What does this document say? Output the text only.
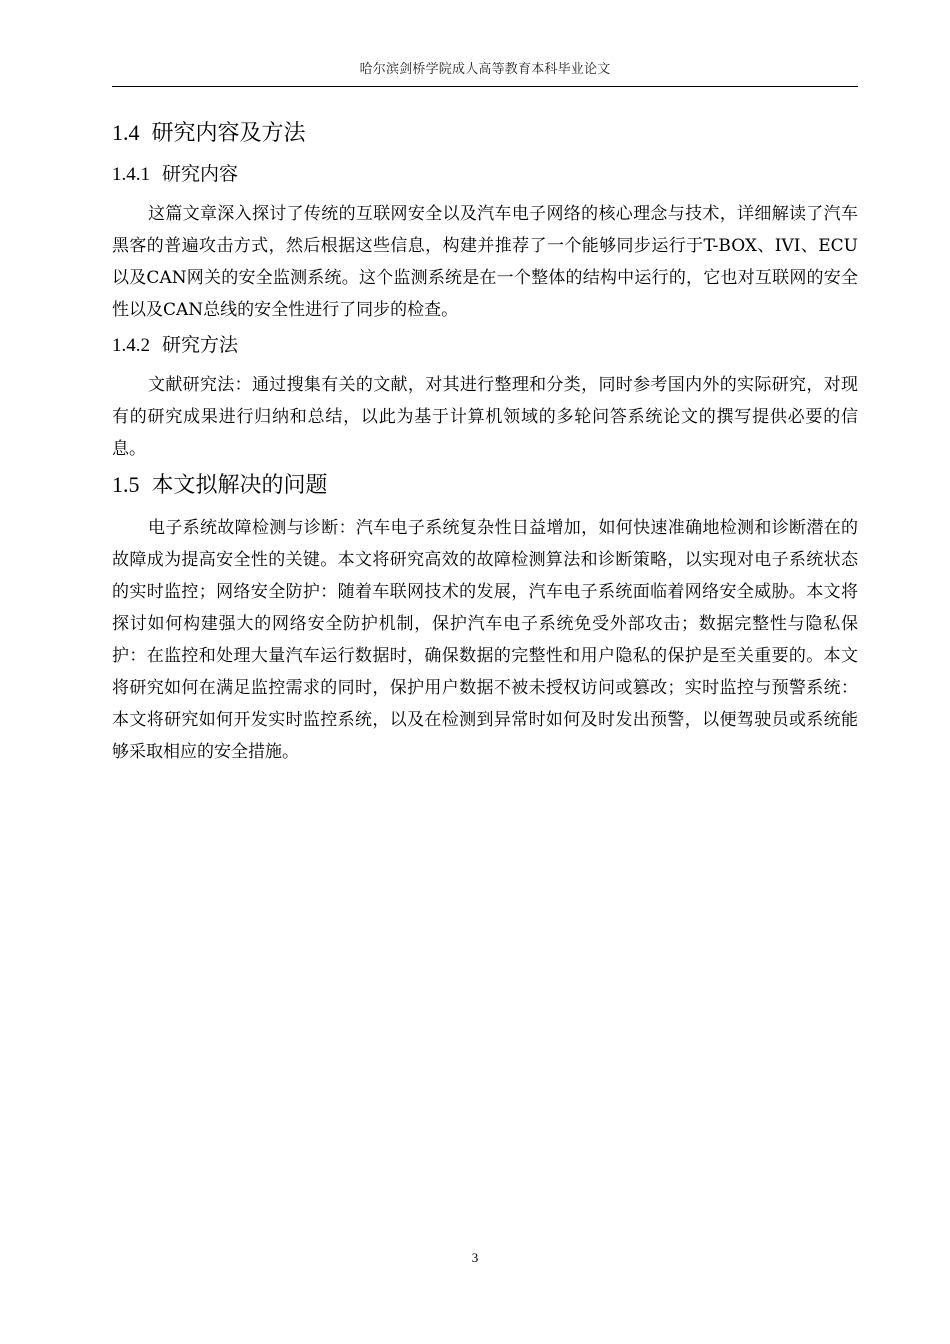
哈尔滨剑桥学院成人高等教育本科毕业论文
1.4 研究内容及方法
1.4.1 研究内容

这篇文章深入探讨了传统的互联网安全以及汽车电子网络的核心理念与技术，详细解读了汽车黑客的普遍攻击方式，然后根据这些信息，构建并推荐了一个能够同步运行于T-BOX、IVI、ECU以及CAN网关的安全监测系统。这个监测系统是在一个整体的结构中运行的，它也对互联网的安全性以及CAN总线的安全性进行了同步的检查。

1.4.2 研究方法

文献研究法：通过搜集有关的文献，对其进行整理和分类，同时参考国内外的实际研究，对现有的研究成果进行归纳和总结，以此为基于计算机领域的多轮问答系统论文的撰写提供必要的信息。

1.5 本文拟解决的问题

电子系统故障检测与诊断：汽车电子系统复杂性日益增加，如何快速准确地检测和诊断潜在的故障成为提高安全性的关键。本文将研究高效的故障检测算法和诊断策略，以实现对电子系统状态的实时监控；网络安全防护：随着车联网技术的发展，汽车电子系统面临着网络安全威胁。本文将探讨如何构建强大的网络安全防护机制，保护汽车电子系统免受外部攻击；数据完整性与隐私保护：在监控和处理大量汽车运行数据时，确保数据的完整性和用户隐私的保护是至关重要的。本文将研究如何在满足监控需求的同时，保护用户数据不被未授权访问或篡改；实时监控与预警系统：本文将研究如何开发实时监控系统，以及在检测到异常时如何及时发出预警，以便驾驶员或系统能够采取相应的安全措施。

3
